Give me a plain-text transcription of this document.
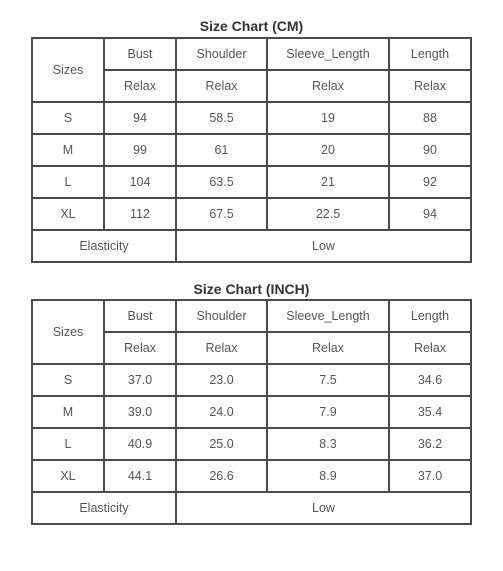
Size Chart (CM)
Sizes	Bust	Shoulder	Sleeve_Length	Length
	Relax	Relax	Relax	Relax
S	94	58.5	19	88
M	99	61	20	90
L	104	63.5	21	92
XL	112	67.5	22.5	94
Elasticity		Low		
Size Chart (INCH)
Sizes	Bust	Shoulder	Sleeve_Length	Length
	Relax	Relax	Relax	Relax
S	37.0	23.0	7.5	34.6
M	39.0	24.0	7.9	35.4
L	40.9	25.0	8.3	36.2
XL	44.1	26.6	8.9	37.0
Elasticity		Low		
